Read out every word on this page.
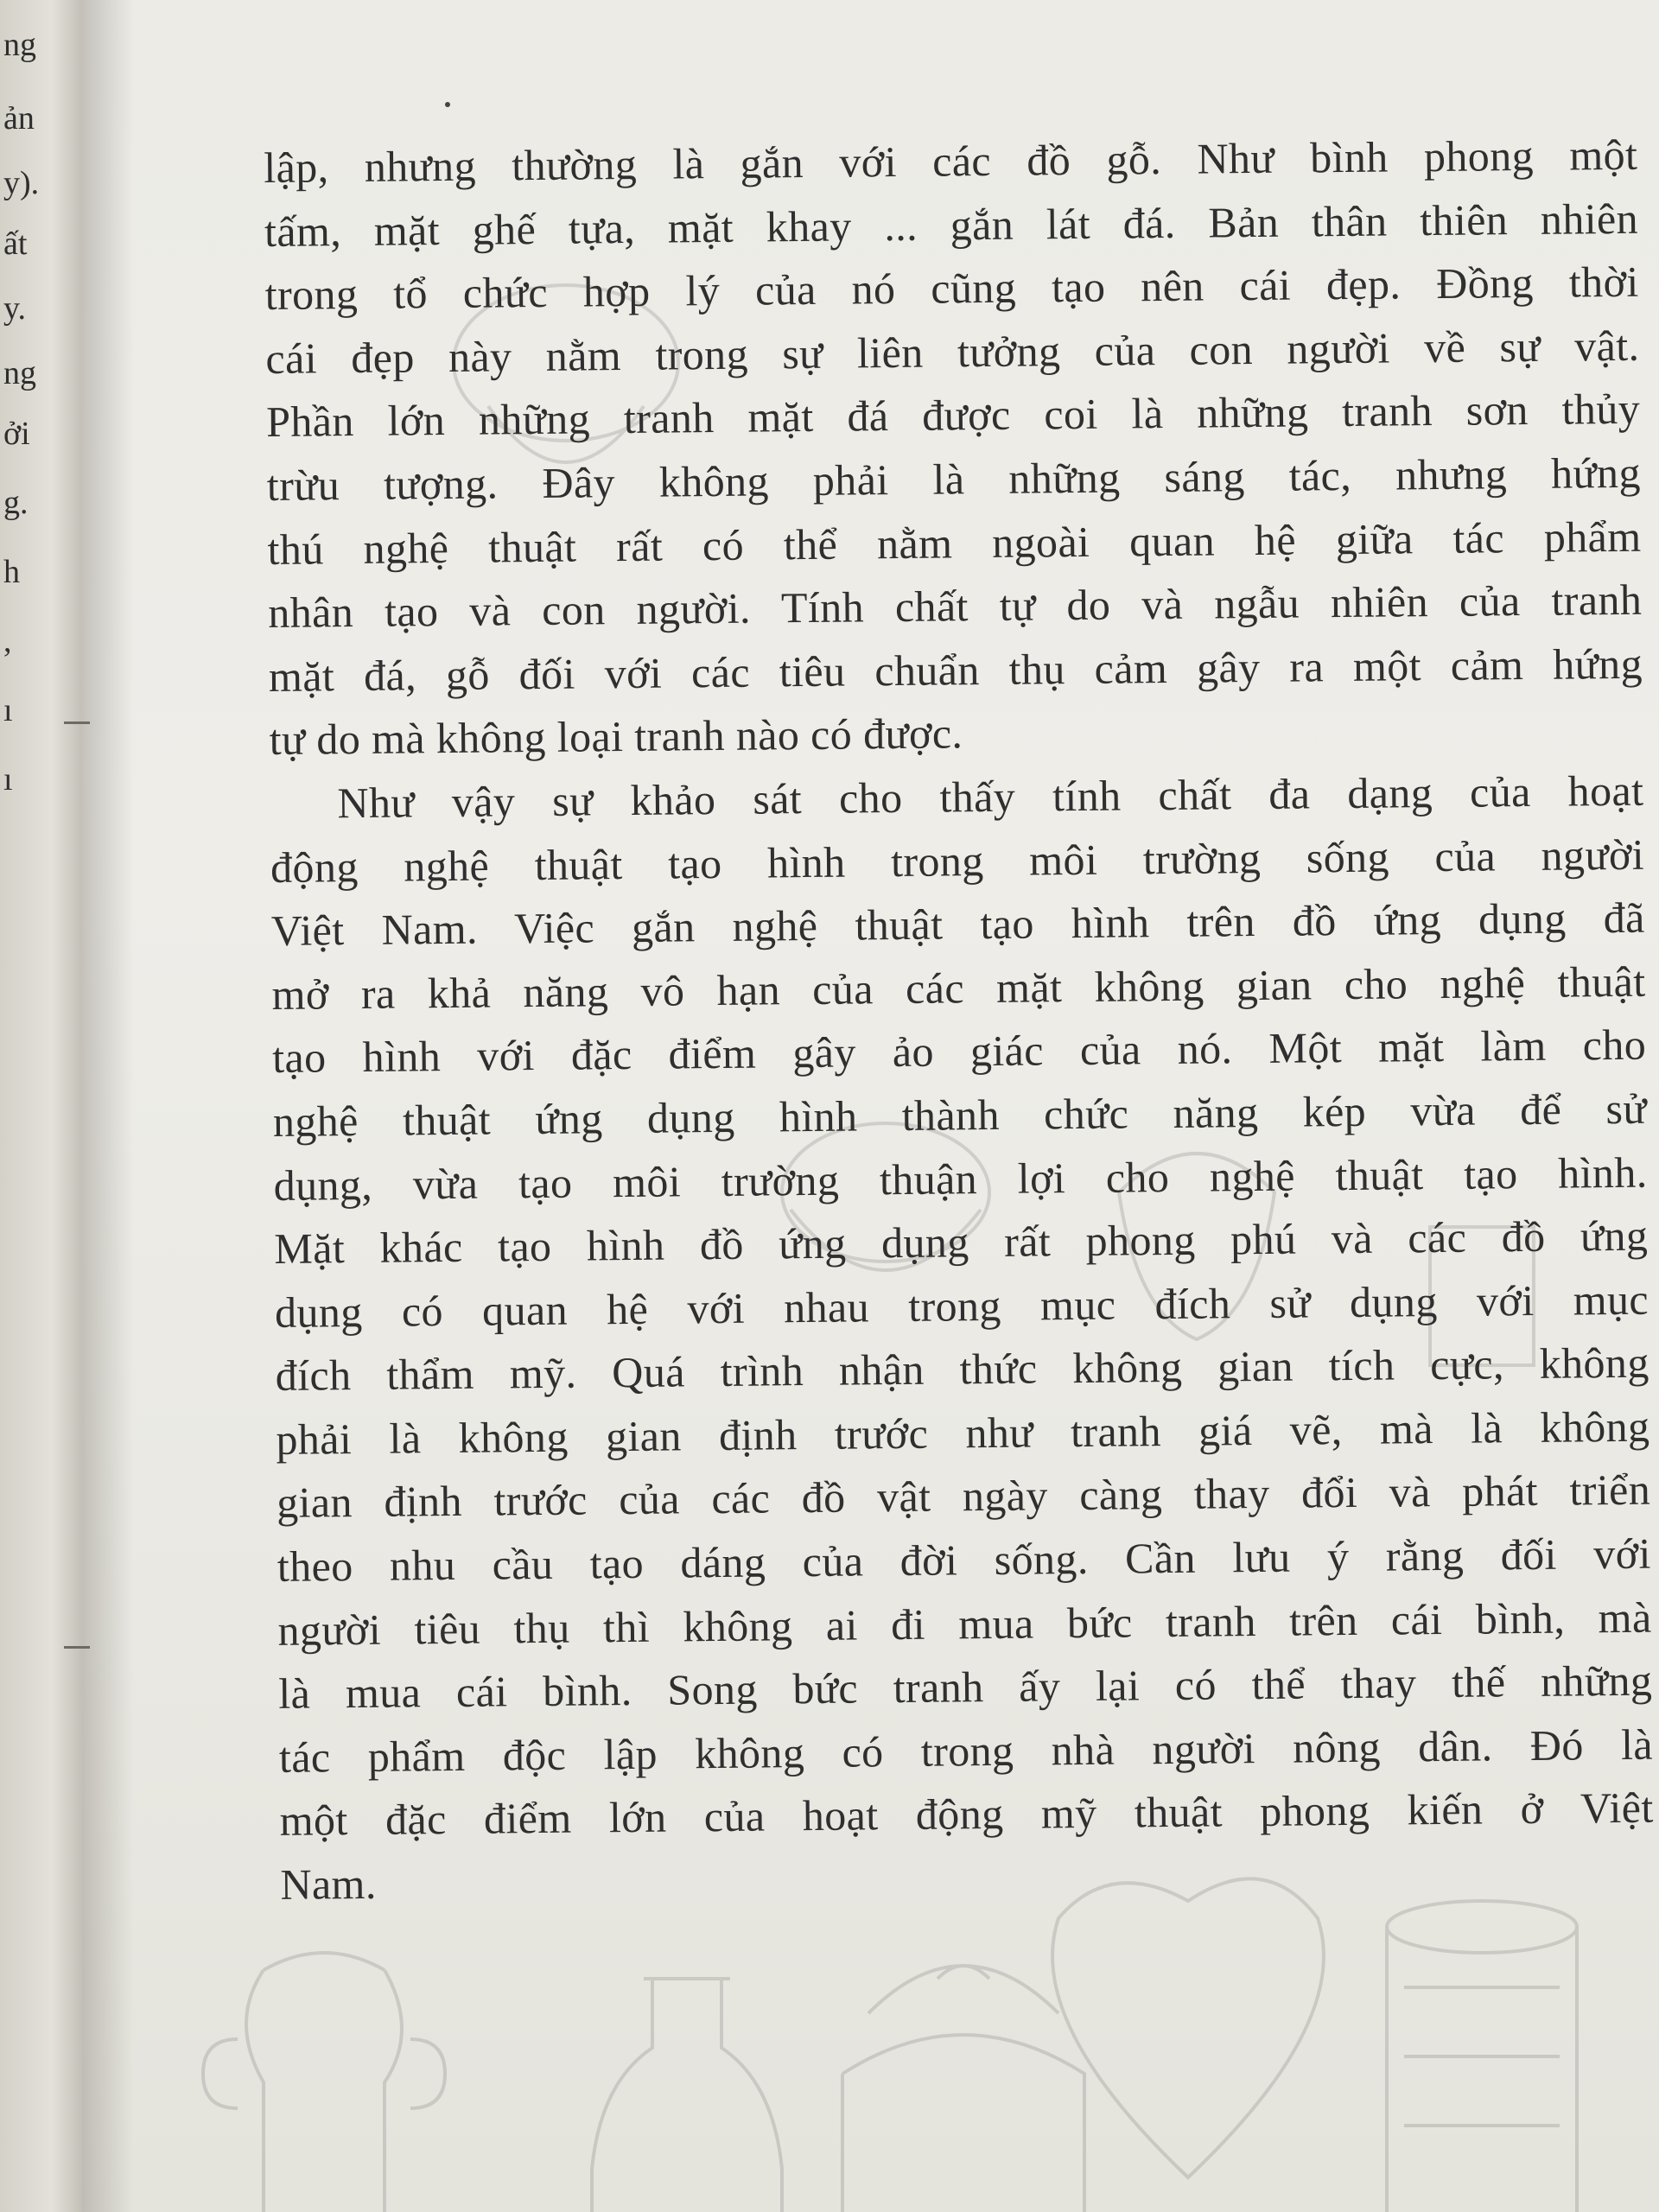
ng
ản
y).
ất
y.
ng
ởi
g.
h
,
ı
ı
lập, nhưng thường là gắn với các đồ gỗ. Như bình phong một
tấm, mặt ghế tựa, mặt khay ... gắn lát đá. Bản thân thiên nhiên
trong tổ chức hợp lý của nó cũng tạo nên cái đẹp. Đồng thời
cái đẹp này nằm trong sự liên tưởng của con người về sự vật.
Phần lớn những tranh mặt đá được coi là những tranh sơn thủy
trừu tượng. Đây không phải là những sáng tác, nhưng hứng
thú nghệ thuật rất có thể nằm ngoài quan hệ giữa tác phẩm
nhân tạo và con người. Tính chất tự do và ngẫu nhiên của tranh
mặt đá, gỗ đối với các tiêu chuẩn thụ cảm gây ra một cảm hứng
tự do mà không loại tranh nào có được.
Như vậy sự khảo sát cho thấy tính chất đa dạng của hoạt
động nghệ thuật tạo hình trong môi trường sống của người
Việt Nam. Việc gắn nghệ thuật tạo hình trên đồ ứng dụng đã
mở ra khả năng vô hạn của các mặt không gian cho nghệ thuật
tạo hình với đặc điểm gây ảo giác của nó. Một mặt làm cho
nghệ thuật ứng dụng hình thành chức năng kép vừa để sử
dụng, vừa tạo môi trường thuận lợi cho nghệ thuật tạo hình.
Mặt khác tạo hình đồ ứng dụng rất phong phú và các đồ ứng
dụng có quan hệ với nhau trong mục đích sử dụng với mục
đích thẩm mỹ. Quá trình nhận thức không gian tích cực, không
phải là không gian định trước như tranh giá vẽ, mà là không
gian định trước của các đồ vật ngày càng thay đổi và phát triển
theo nhu cầu tạo dáng của đời sống. Cần lưu ý rằng đối với
người tiêu thụ thì không ai đi mua bức tranh trên cái bình, mà
là mua cái bình. Song bức tranh ấy lại có thể thay thế những
tác phẩm độc lập không có trong nhà người nông dân. Đó là
một đặc điểm lớn của hoạt động mỹ thuật phong kiến ở Việt
Nam.
